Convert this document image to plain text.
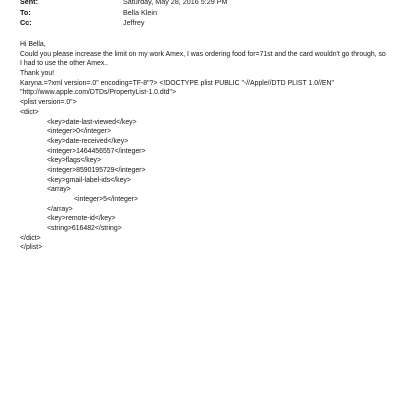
Sent:	Saturday, May 28, 2016 5:29 PM
To:	Bella Klein
Cc:	Jeffrey
Hi Bella,
Could you please increase the limit on my work Amex, I was ordering food for=71st and the card wouldn't go through, so
I had to use the other Amex..
Thank you!
Karyna.=?xml version=.0" encoding=TF-8"?> <!DOCTYPE plist PUBLIC "-//Apple//DTD PLIST 1.0//EN"
"http://www.apple.com/DTDs/PropertyList-1.0.dtd">
<plist version=.0">
<dict>
<key>date-last-viewed</key>
<integer>0</integer>
<key>date-received</key>
<integer>1464456557</integer>
<key>flags</key>
<integer>8590195729</integer>
<key>gmail-label-ids</key>
<array>
<integer>5</integer>
</array>
<key>remote-id</key>
<string>616482</string>
</dict>
</plist>
